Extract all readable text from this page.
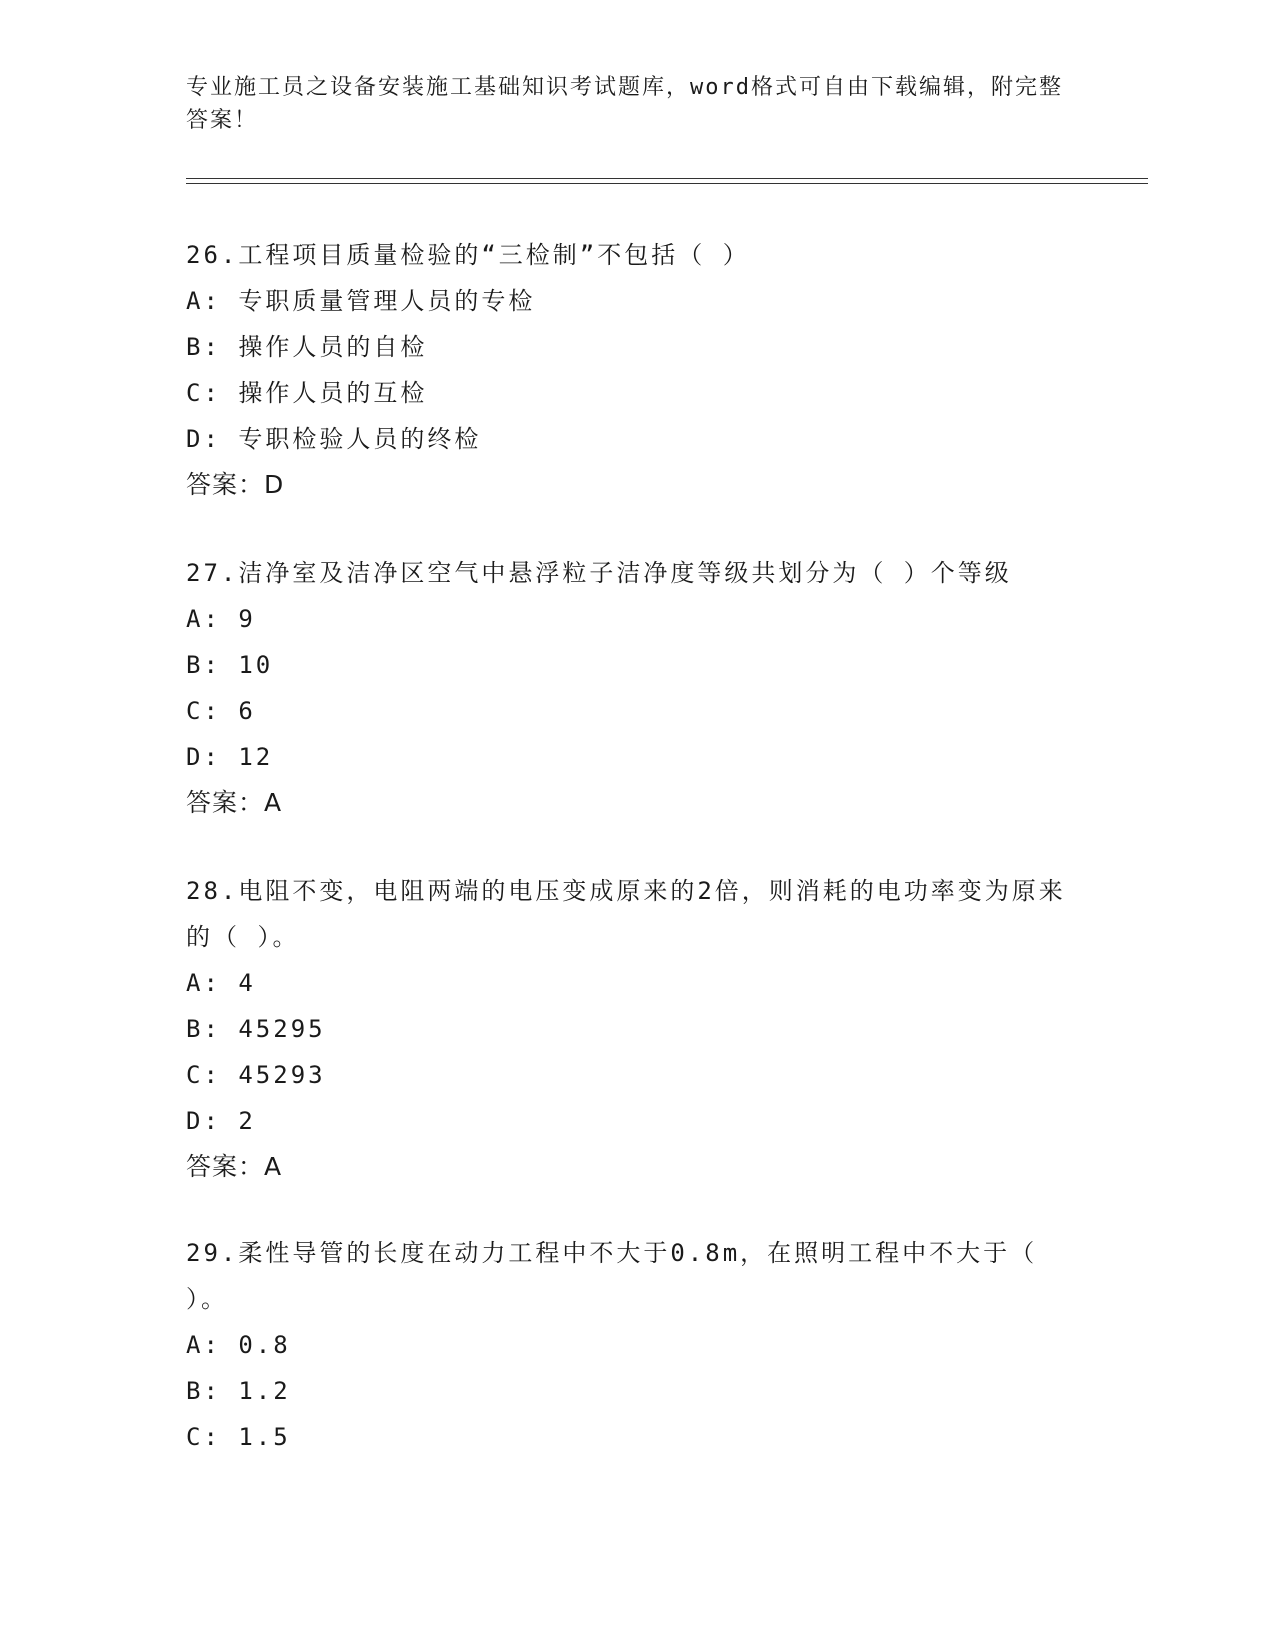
专业施工员之设备安装施工基础知识考试题库，word格式可自由下载编辑，附完整答案！

26.工程项目质量检验的“三检制”不包括（ ）

A: 专职质量管理人员的专检

B: 操作人员的自检

C: 操作人员的互检

D: 专职检验人员的终检

答案：D

27.洁净室及洁净区空气中悬浮粒子洁净度等级共划分为（ ）个等级

A: 9

B: 10

C: 6

D: 12

答案：A

28.电阻不变，电阻两端的电压变成原来的2倍，则消耗的电功率变为原来的（ ）。

A: 4

B: 45295

C: 45293

D: 2

答案：A

29.柔性导管的长度在动力工程中不大于0.8m，在照明工程中不大于（ ）。

A: 0.8

B: 1.2

C: 1.5
